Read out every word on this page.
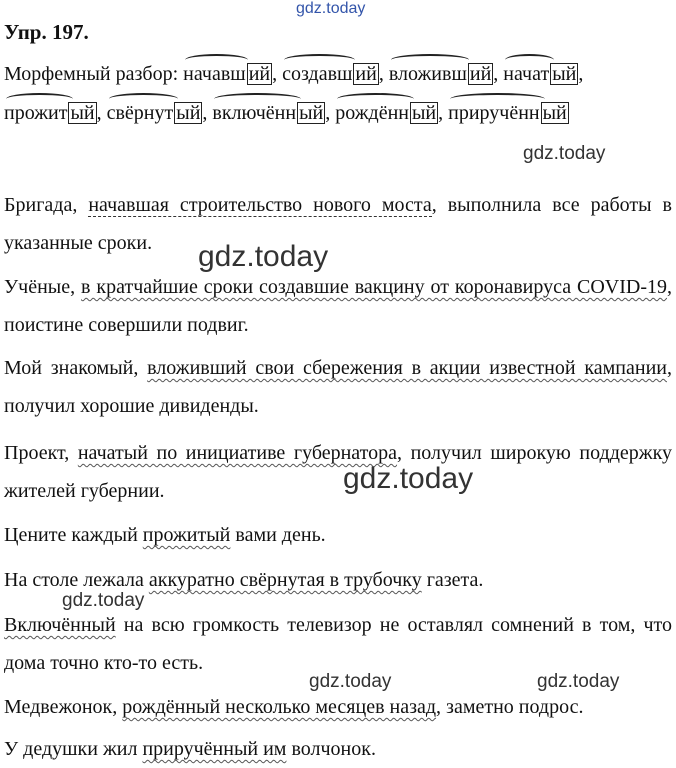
gdz.today
Упр. 197.
Морфемный разбор: начавш ий , создавш ий , вложивш ий , начат ый ,
прожит ый , свёрнут ый , включённ ый , рождённ ый , приручённ ый
gdz.today
Бригада, начавшая строительство нового моста, выполнила все работы в указанные сроки.
Учёные, в кратчайшие сроки создавшие вакцину от коронавируса COVID-19, поистине совершили подвиг.
Мой знакомый, вложивший свои сбережения в акции известной кампании, получил хорошие дивиденды.
Проект, начатый по инициативе губернатора, получил широкую поддержку жителей губернии.
Цените каждый прожитый вами день.
На столе лежала аккуратно свёрнутая в трубочку газета.
Включённый на всю громкость телевизор не оставлял сомнений в том, что дома точно кто-то есть.
Медвежонок, рождённый несколько месяцев назад, заметно подрос.
У дедушки жил приручённый им волчонок.
gdz.today
gdz.today
gdz.today
gdz.today	gdz.today
